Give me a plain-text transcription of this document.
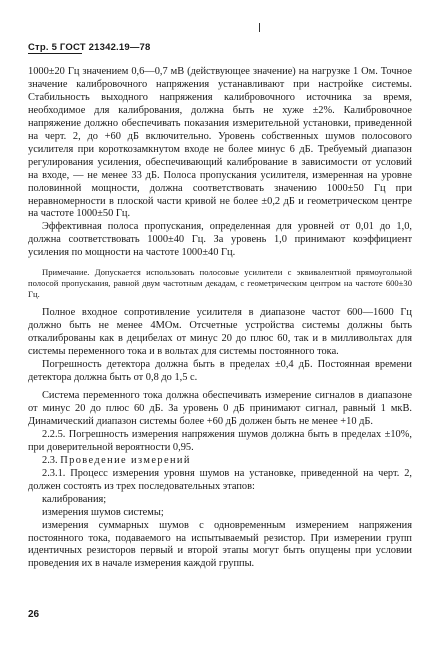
Стр. 5 ГОСТ 21342.19—78

1000±20 Гц значением 0,6—0,7 мВ (действующее значение) на нагрузке 1 Ом. Точное значение калибровочного напряжения устанавливают при настройке системы. Стабильность выходного напряжения калибровочного источника за время, необходимое для калибрования, должна быть не хуже ±2%. Калибровочное напряжение должно обеспечивать показания измерительной установки, приведенной на черт. 2, до +60 дБ включительно. Уровень собственных шумов полосового усилителя при короткозамкнутом входе не более минус 6 дБ. Требуемый диапазон регулирования усиления, обеспечивающий калибрование в зависимости от условий на входе, — не менее 33 дБ. Полоса пропускания усилителя, измеренная на уровне половинной мощности, должна соответствовать значению 1000±50 Гц при неравномерности в плоской части кривой не более ±0,2 дБ и геометрическом центре на частоте 1000±50 Гц.

Эффективная полоса пропускания, определенная для уровней от 0,01 до 1,0, должна соответствовать 1000±40 Гц. За уровень 1,0 принимают коэффициент усиления по мощности на частоте 1000±40 Гц.

Примечание. Допускается использовать полосовые усилители с эквивалентной прямоугольной полосой пропускания, равной двум частотным декадам, с геометрическим центром на частоте 600±30 Гц.

Полное входное сопротивление усилителя в диапазоне частот 600—1600 Гц должно быть не менее 4МОм. Отсчетные устройства системы должны быть откалиброваны как в децибелах от минус 20 до плюс 60, так и в милливольтах для системы переменного тока и в вольтах для системы постоянного тока.

Погрешность детектора должна быть в пределах ±0,4 дБ. Постоянная времени детектора должна быть от 0,8 до 1,5 с.

Система переменного тока должна обеспечивать измерение сигналов в диапазоне от минус 20 до плюс 60 дБ. За уровень 0 дБ принимают сигнал, равный 1 мкВ. Динамический диапазон системы более +60 дБ должен быть не менее +10 дБ.

2.2.5. Погрешность измерения напряжения шумов должна быть в пределах ±10%, при доверительной вероятности 0,95.

2.3. Проведение измерений

2.3.1. Процесс измерения уровня шумов на установке, приведенной на черт. 2, должен состоять из трех последовательных этапов:

калибрования;

измерения шумов системы;

измерения суммарных шумов с одновременным измерением напряжения постоянного тока, подаваемого на испытываемый резистор. При измерении групп идентичных резисторов первый и второй этапы могут быть опущены при условии проведения их в начале измерения каждой группы.

26
